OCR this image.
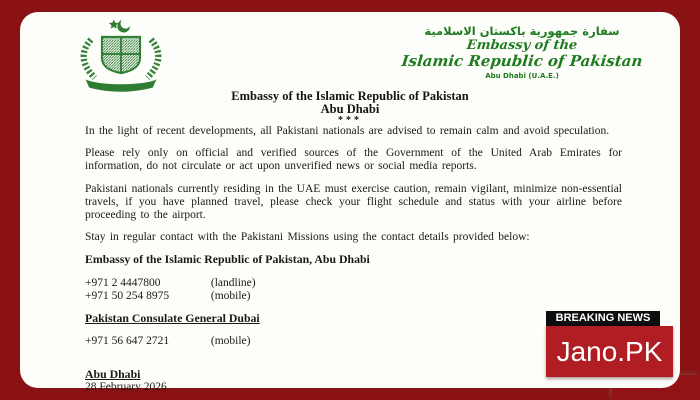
سفارة جمهورية باكستان الاسلامية
Embassy of the
Islamic Republic of Pakistan
Abu Dhabi (U.A.E.)
Embassy of the Islamic Republic of Pakistan
Abu Dhabi
***

In the light of recent developments, all Pakistani nationals are advised to remain calm and avoid speculation.

Please rely only on official and verified sources of the Government of the United Arab Emirates for information, do not circulate or act upon unverified news or social media reports.

Pakistani nationals currently residing in the UAE must exercise caution, remain vigilant, minimize non-essential travels, if you have planned travel, please check your flight schedule and status with your airline before proceeding to the airport.

Stay in regular contact with the Pakistani Missions using the contact details provided below:

Embassy of the Islamic Republic of Pakistan, Abu Dhabi
+971 2 4447800	(landline)
+971 50 254 8975	(mobile)
Pakistan Consulate General Dubai
+971 56 647 2721	(mobile)
Abu Dhabi
28 February 2026
BREAKING NEWS
Jano.PK
